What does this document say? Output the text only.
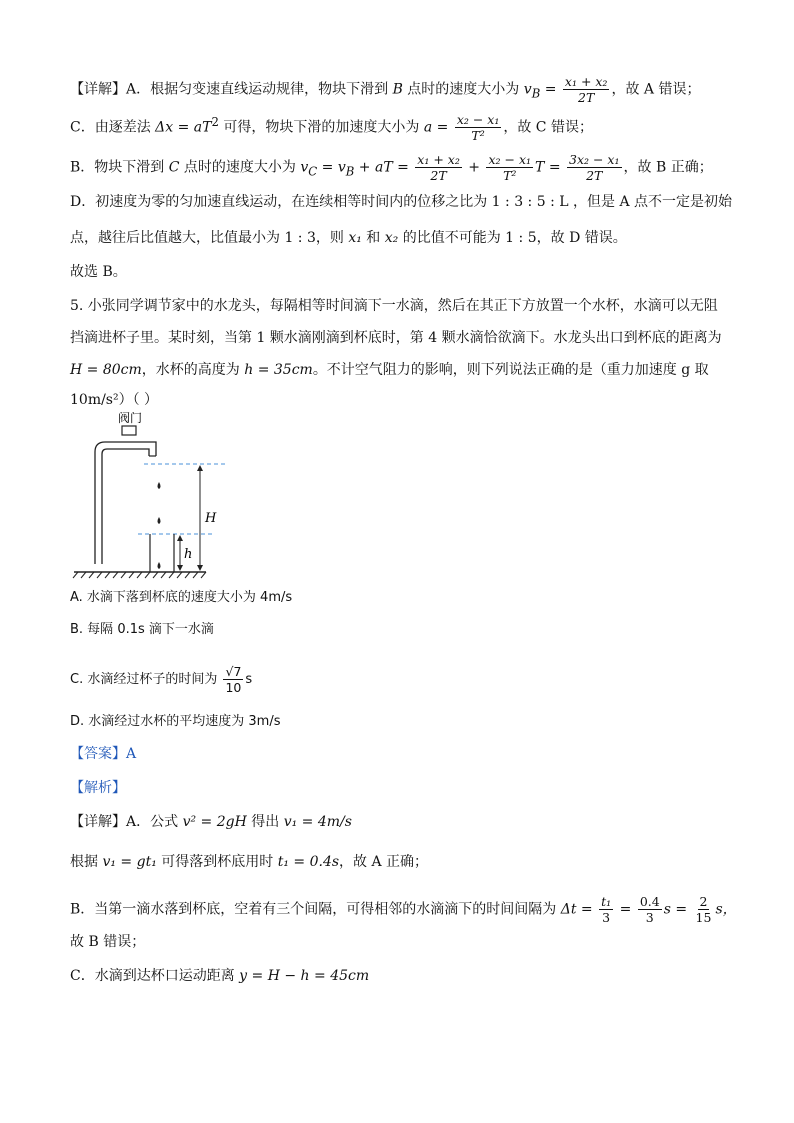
【详解】A．根据匀变速直线运动规律，物块下滑到 B 点时的速度大小为 $v_B = \frac{\text{x₁ + x₂}}{2T}$ ，故 A 错误；
C．由逐差法 $\Delta x = aT^2$ 可得，物块下滑的加速度大小为 $a = \frac{\text{x₂ − x₁}}{\text{T²}}$ ，故 C 错误；
B．物块下滑到 C 点时的速度大小为 $v_C = v_B$ + aT = $\frac{\text{x₁ + x₂}}{2T} + \frac{\text{x₂ − x₁}}{\text{T²}}$ $T = \frac{\text{3x₂ − x₁}}{2T}$ ，故 B 正确；
D．初速度为零的匀加速直线运动，在连续相等时间内的位移之比为 1 : 3 : 5 : L ，但是 A 点不一定是初始
点，越往后比值越大，比值最小为 1 : 3，则 x₁ 和 x₂ 的比值不可能为 1 : 5，故 D 错误。
故选 B。
5. 小张同学调节家中的水龙头，每隔相等时间滴下一水滴，然后在其正下方放置一个水杯，水滴可以无阻
挡滴进杯子里。某时刻，当第 1 颗水滴刚滴到杯底时，第 4 颗水滴恰欲滴下。水龙头出口到杯底的距离为
H = 80cm，水杯的高度为 h = 35cm。不计空气阻力的影响，则下列说法正确的是（重力加速度 g 取
10m/s²）（ ）
阀门
H
h
A. 水滴下落到杯底的速度大小为 4m/s
B. 每隔 0.1s 滴下一水滴
C. 水滴经过杯子的时间为 $\frac{√7}{10}$ s
D. 水滴经过水杯的平均速度为 3m/s
【答案】A
【解析】
【详解】A．公式 v² = 2gH 得出 v₁ = 4m/s
根据 v₁ = gt₁ 可得落到杯底用时 t₁ = 0.4s，故 A 正确；
B．当第一滴水落到杯底，空着有三个间隔，可得相邻的水滴滴下的时间间隔为 $\Delta t = \frac{\text{t₁}}{3} = \frac{0.4}{3}$ $s = \frac{2}{15}$ s，
故 B 错误；
C．水滴到达杯口运动距离 y = H − h = 45cm
